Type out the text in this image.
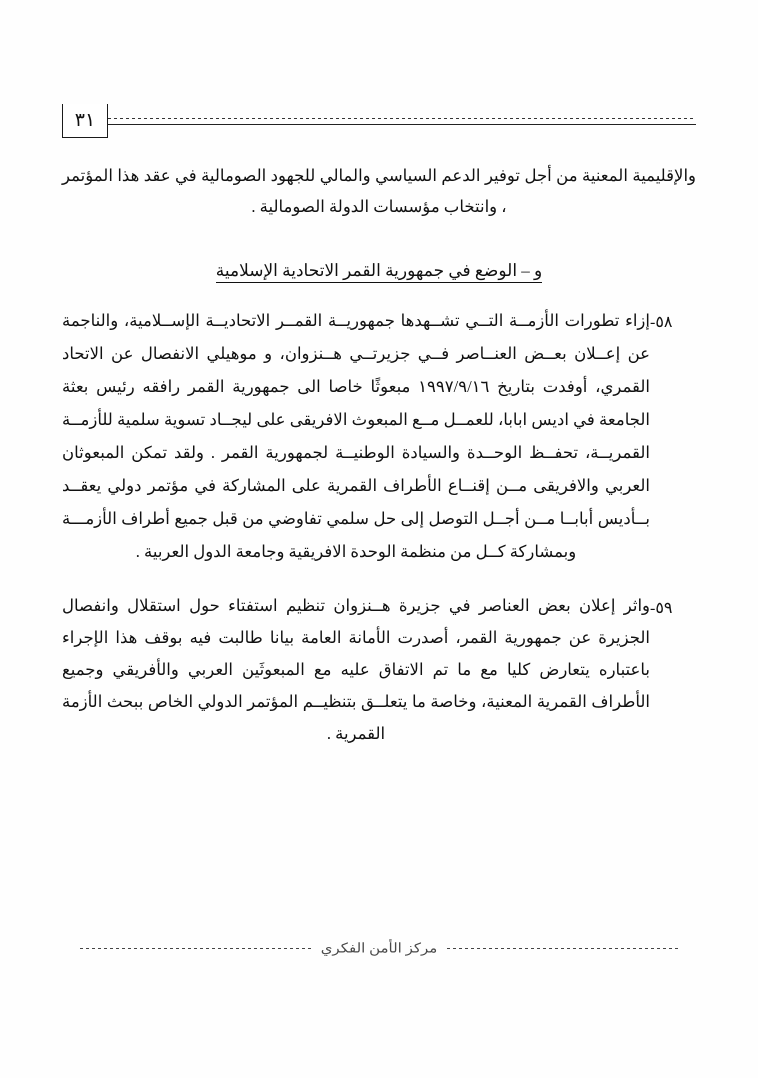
٣١

والإقليمية المعنية من أجل توفير الدعم السياسي والمالي للجهود الصومالية في عقد هذا المؤتمر ، وانتخاب مؤسسات الدولة الصومالية .

و – الوضع في جمهورية القمر الاتحادية الإسلامية
٥٨-
إزاء تطورات الأزمــة التــي تشــهدها جمهوريــة القمــر الاتحاديــة الإســلامية، والناجمة عن إعــلان بعــض العنــاصر فــي جزيرتــي هــنزوان، و موهيلي الانفصال عن الاتحاد القمري، أوفدت بتاريخ ١٩٩٧/٩/١٦ مبعوثًا خاصا الى جمهورية القمر رافقه رئيس بعثة الجامعة في اديس ابابا، للعمــل مــع المبعوث الافريقى على ليجــاد تسوية سلمية للأزمــة القمريــة، تحفــظ الوحــدة والسيادة الوطنيــة لجمهورية القمر . ولقد تمكن المبعوثان العربي والافريقى مــن إقنــاع الأطراف القمرية على المشاركة في مؤتمر دولي يعقــد بــأديس أبابــا مــن أجــل التوصل إلى حل سلمي تفاوضي من قبل جميع أطراف الأزمـــة وبمشاركة كــل من منظمة الوحدة الافريقية وجامعة الدول العربية .
٥٩-
واثر إعلان بعض العناصر في جزيرة هــنزوان تنظيم استفتاء حول استقلال وانفصال الجزيرة عن جمهورية القمر، أصدرت الأمانة العامة بيانا طالبت فيه بوقف هذا الإجراء باعتباره يتعارض كليا مع ما تم الاتفاق عليه مع المبعوثَين العربي والأفريقي وجميع الأطراف القمرية المعنية، وخاصة ما يتعلــق بتنظيــم المؤتمر الدولي الخاص ببحث الأزمة القمرية .
مركز الأمن الفكري
